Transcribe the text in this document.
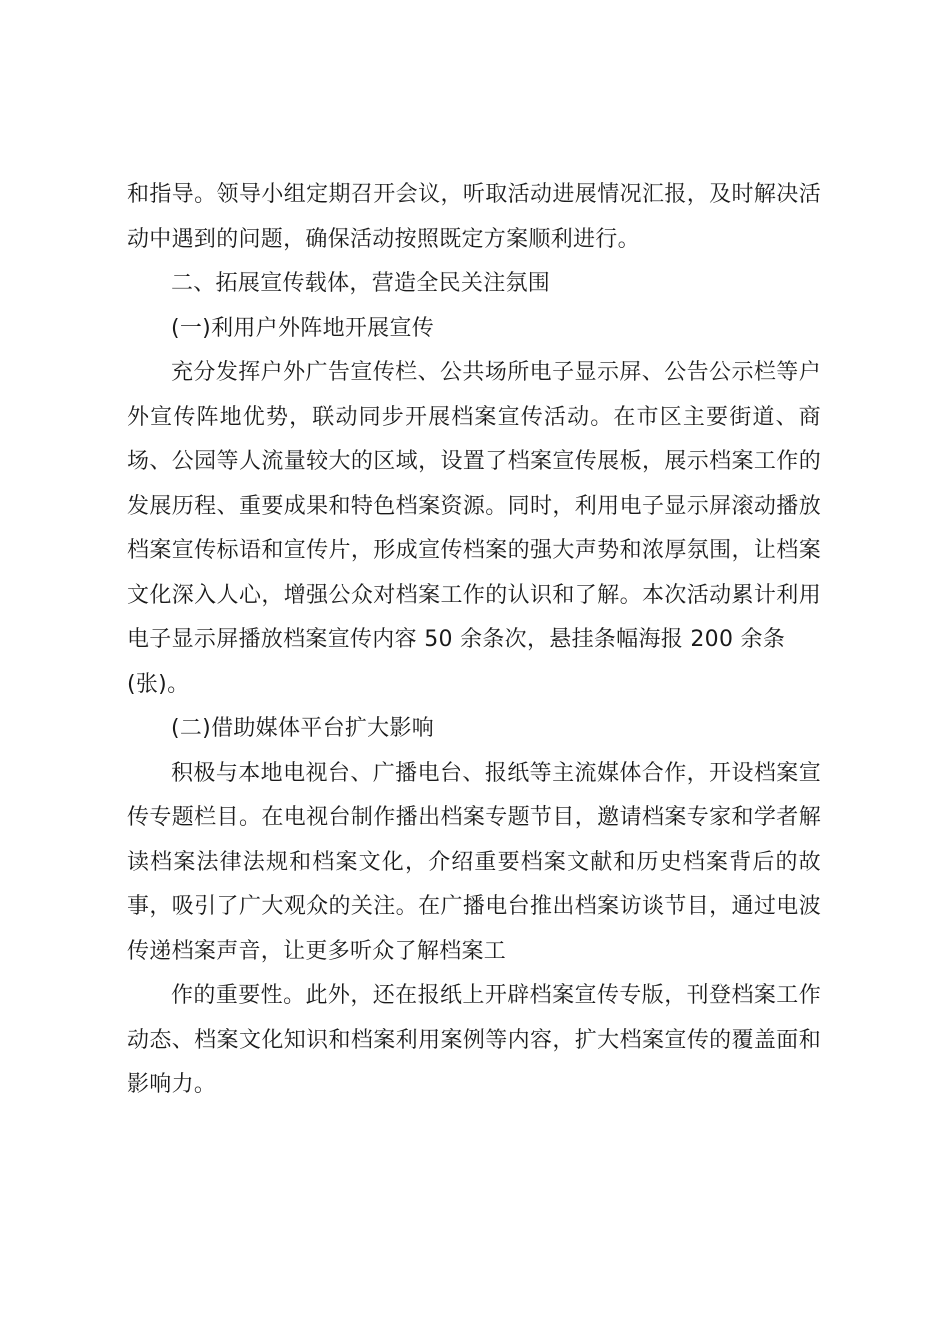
和指导。领导小组定期召开会议，听取活动进展情况汇报，及时解决活
动中遇到的问题，确保活动按照既定方案顺利进行。
二、拓展宣传载体，营造全民关注氛围
(一)利用户外阵地开展宣传
充分发挥户外广告宣传栏、公共场所电子显示屏、公告公示栏等户
外宣传阵地优势，联动同步开展档案宣传活动。在市区主要街道、商
场、公园等人流量较大的区域，设置了档案宣传展板，展示档案工作的
发展历程、重要成果和特色档案资源。同时，利用电子显示屏滚动播放
档案宣传标语和宣传片，形成宣传档案的强大声势和浓厚氛围，让档案
文化深入人心，增强公众对档案工作的认识和了解。本次活动累计利用
电子显示屏播放档案宣传内容 50 余条次，悬挂条幅海报 200 余条
(张)。
(二)借助媒体平台扩大影响
积极与本地电视台、广播电台、报纸等主流媒体合作，开设档案宣
传专题栏目。在电视台制作播出档案专题节目，邀请档案专家和学者解
读档案法律法规和档案文化，介绍重要档案文献和历史档案背后的故
事，吸引了广大观众的关注。在广播电台推出档案访谈节目，通过电波
传递档案声音，让更多听众了解档案工
作的重要性。此外，还在报纸上开辟档案宣传专版，刊登档案工作
动态、档案文化知识和档案利用案例等内容，扩大档案宣传的覆盖面和
影响力。
